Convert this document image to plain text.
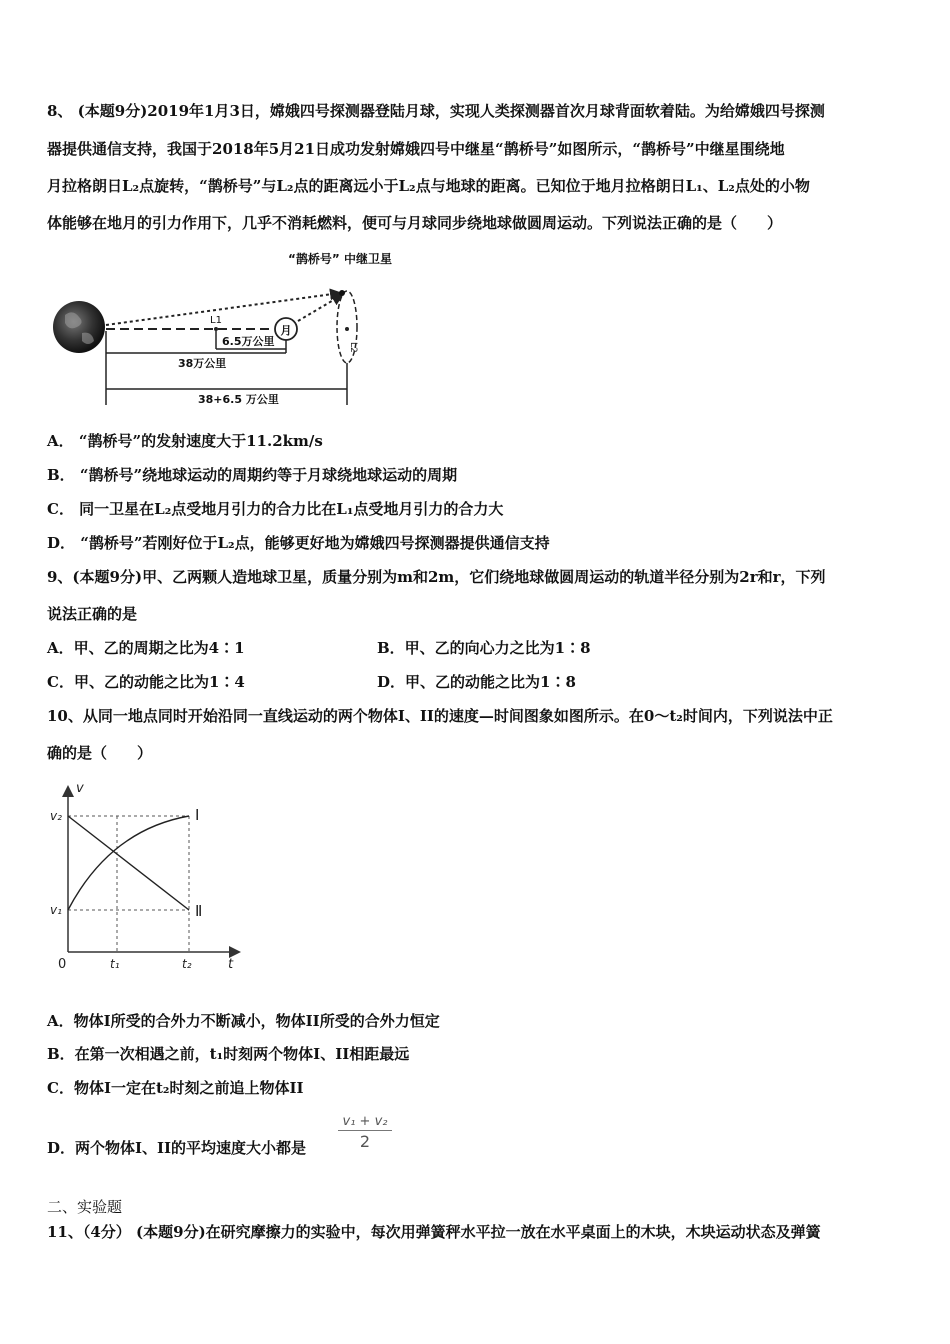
8、 (本题9分)2019年1月3日，嫦娥四号探测器登陆月球，实现人类探测器首次月球背面软着陆。为给嫦娥四号探测
器提供通信支持，我国于2018年5月21日成功发射嫦娥四号中继星“鹊桥号”如图所示，“鹊桥号”中继星围绕地
月拉格朗日L₂点旋转，“鹊桥号”与L₂点的距离远小于L₂点与地球的距离。已知位于地月拉格朗日L₁、L₂点处的小物
体能够在地月的引力作用下，几乎不消耗燃料，便可与月球同步绕地球做圆周运动。下列说法正确的是（　　）
月
L2
“鹊桥号” 中继卫星
L1
6.5万公里
38万公里
38+6.5 万公里
A． “鹊桥号”的发射速度大于11.2km/s
B． “鹊桥号”绕地球运动的周期约等于月球绕地球运动的周期
C． 同一卫星在L₂点受地月引力的合力比在L₁点受地月引力的合力大
D． “鹊桥号”若刚好位于L₂点，能够更好地为嫦娥四号探测器提供通信支持
9、(本题9分)甲、乙两颗人造地球卫星，质量分别为m和2m，它们绕地球做圆周运动的轨道半径分别为2r和r，下列
说法正确的是
A．甲、乙的周期之比为4∶1	B．甲、乙的向心力之比为1∶8
C．甲、乙的动能之比为1∶4	D．甲、乙的动能之比为1∶8
10、从同一地点同时开始沿同一直线运动的两个物体I、II的速度—时间图象如图所示。在0～t₂时间内，下列说法中正
确的是（　　）
v
t
0
v₂
v₁
t₁	t₂
I
Ⅱ
A．物体I所受的合外力不断减小，物体II所受的合外力恒定
B．在第一次相遇之前，t₁时刻两个物体I、II相距最远
C．物体I一定在t₂时刻之前追上物体II
D．两个物体I、II的平均速度大小都是
v₁ + v₂
2
二、实验题
11、（4分） (本题9分)在研究摩擦力的实验中，每次用弹簧秤水平拉一放在水平桌面上的木块，木块运动状态及弹簧
